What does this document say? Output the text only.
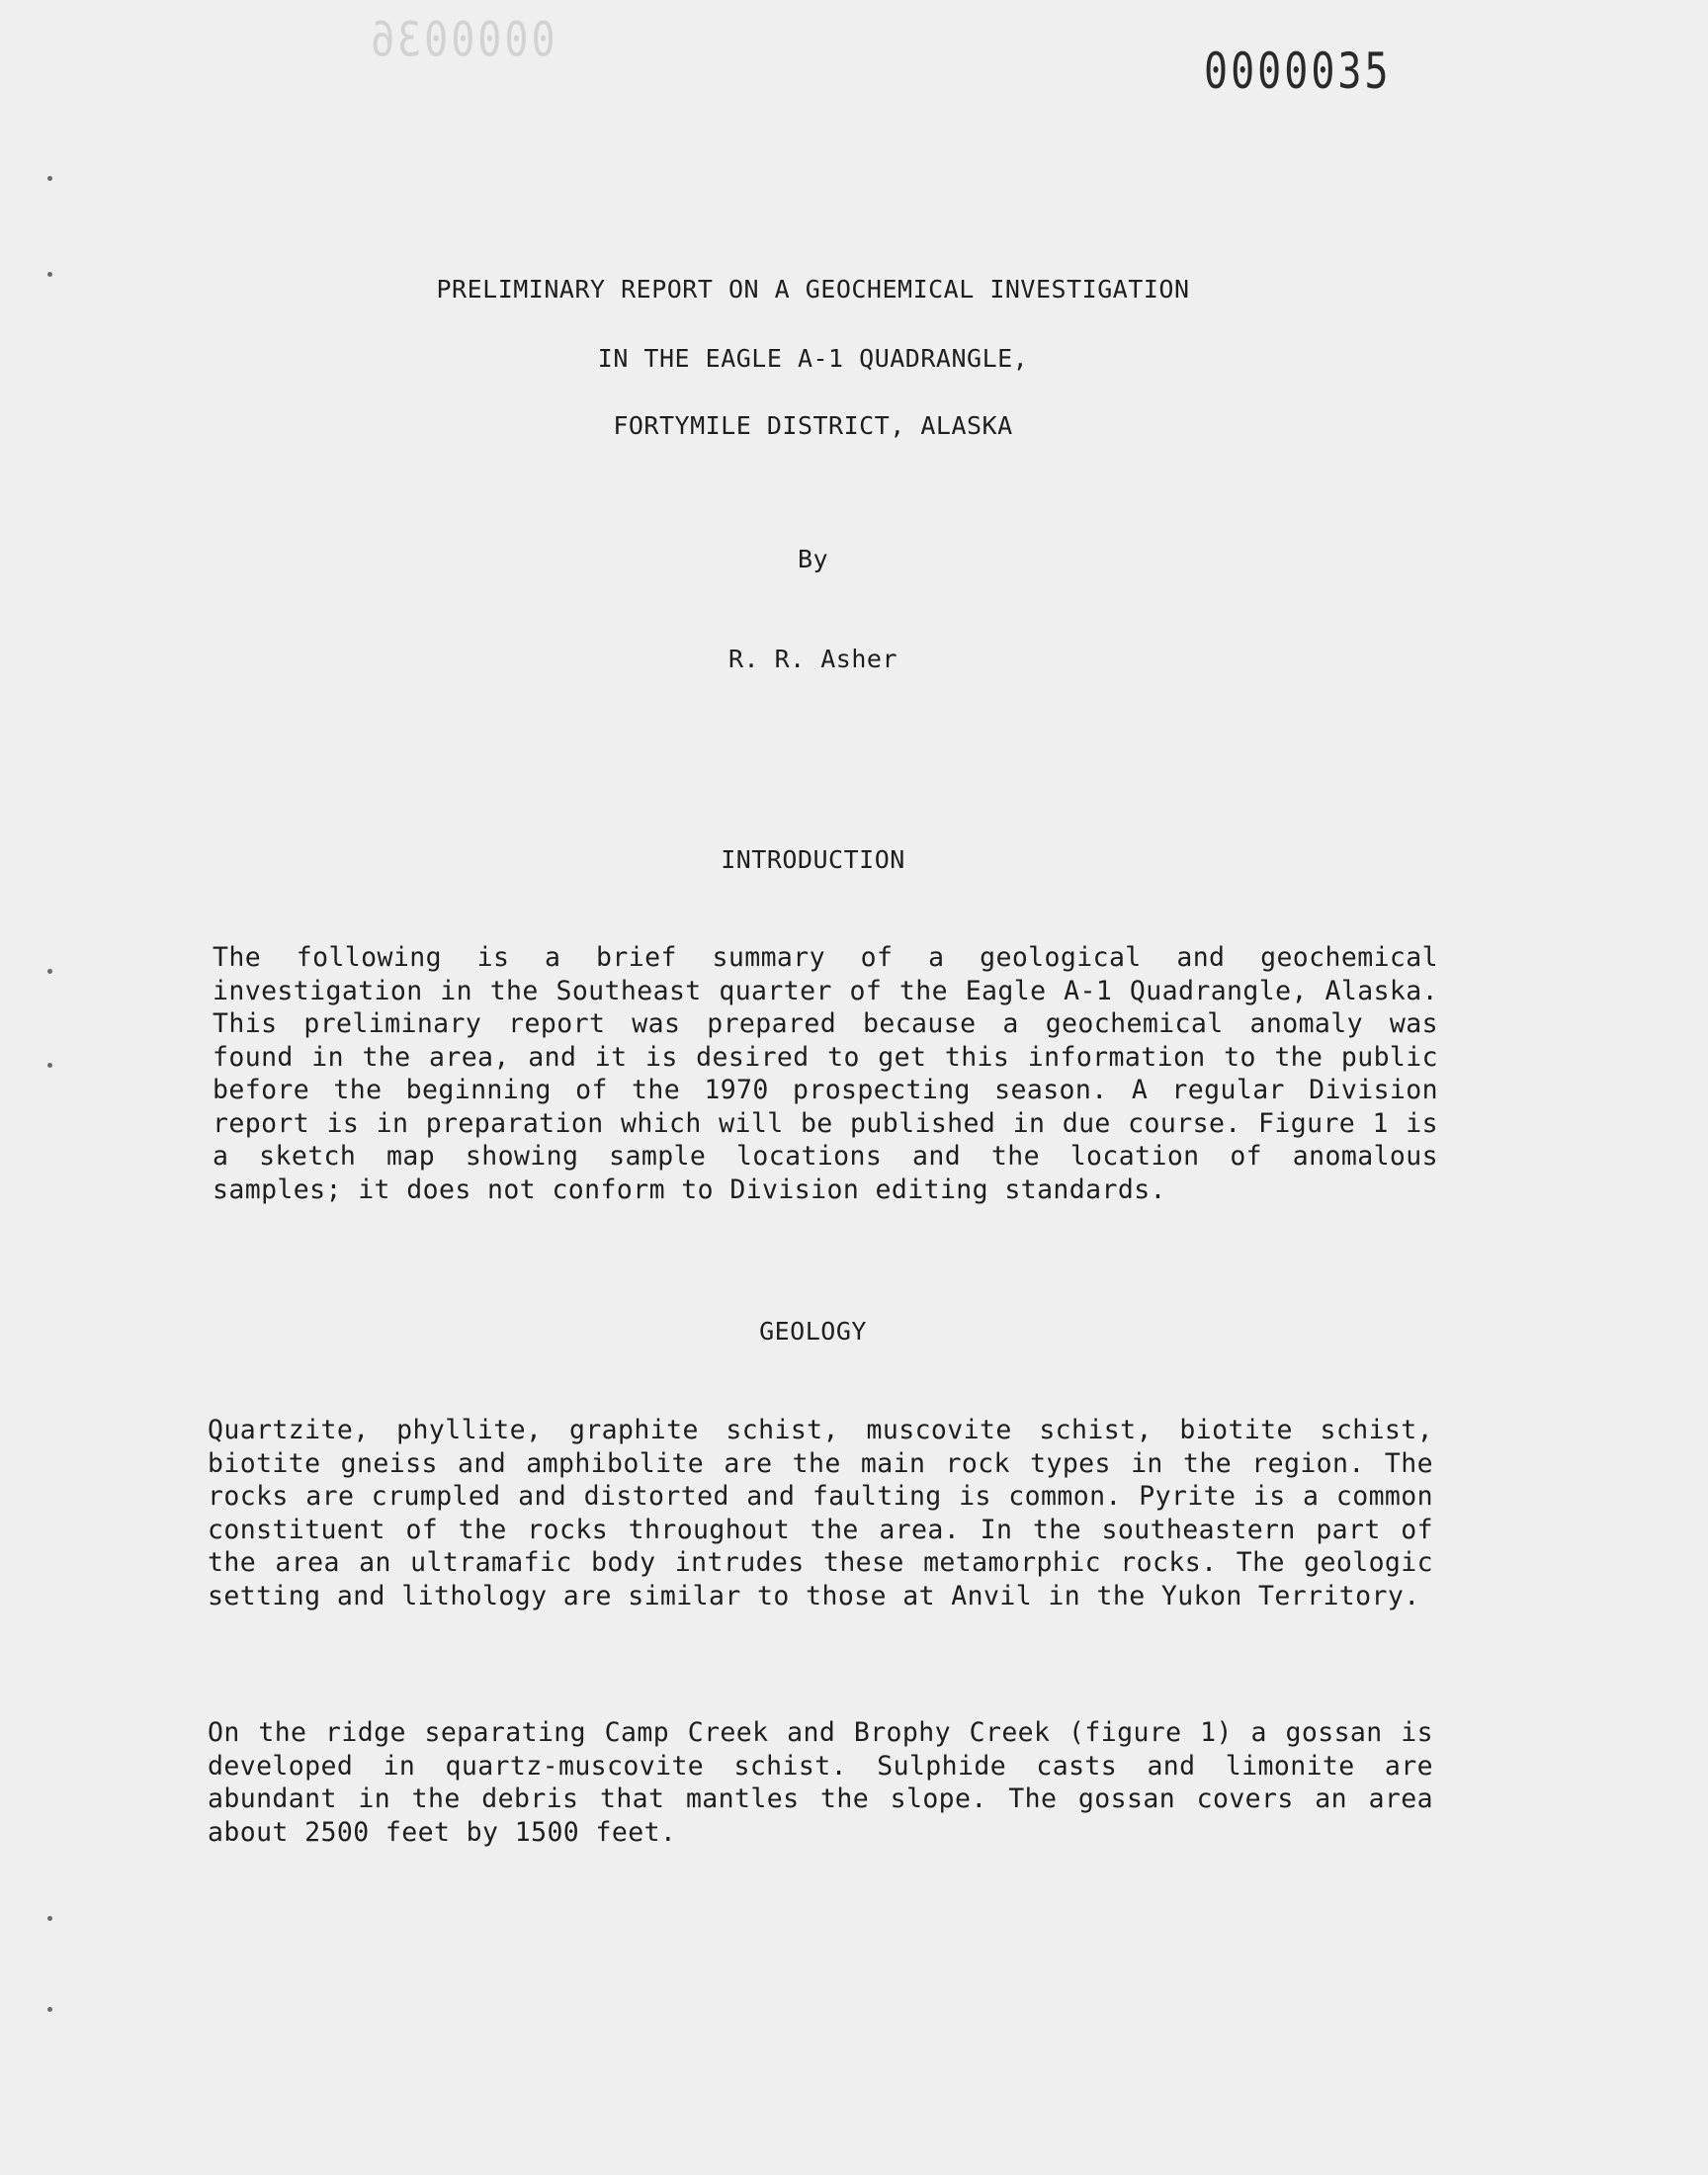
0000036
0000035
PRELIMINARY REPORT ON A GEOCHEMICAL INVESTIGATION
IN THE EAGLE A-1 QUADRANGLE,
FORTYMILE DISTRICT, ALASKA
By
R. R. Asher
INTRODUCTION

The following is a brief summary of a geological and geochemical investigation in the Southeast quarter of the Eagle A-1 Quadrangle, Alaska. This preliminary report was prepared because a geochemical anomaly was found in the area, and it is desired to get this information to the public before the beginning of the 1970 prospecting season. A regular Division report is in preparation which will be published in due course. Figure 1 is a sketch map showing sample locations and the location of anomalous samples; it does not conform to Division editing standards.

GEOLOGY

Quartzite, phyllite, graphite schist, muscovite schist, biotite schist, biotite gneiss and amphibolite are the main rock types in the region. The rocks are crumpled and distorted and faulting is common. Pyrite is a common constituent of the rocks throughout the area. In the southeastern part of the area an ultramafic body intrudes these metamorphic rocks. The geologic setting and lithology are similar to those at Anvil in the Yukon Territory.

On the ridge separating Camp Creek and Brophy Creek (figure 1) a gossan is developed in quartz-muscovite schist. Sulphide casts and limonite are abundant in the debris that mantles the slope. The gossan covers an area about 2500 feet by 1500 feet.
